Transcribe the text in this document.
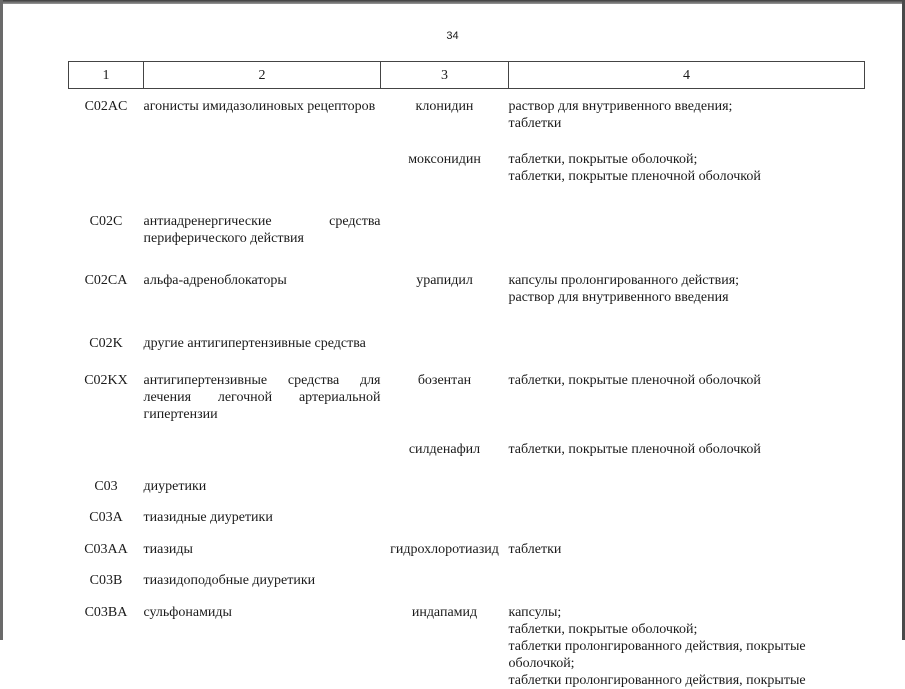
34
1	2	3	4
C02AC	агонисты имидазолиновых рецепторов	клонидин	раствор для внутривенного введения;
таблетки

		моксонидин	таблетки, покрытые оболочкой;
таблетки, покрытые пленочной оболочкой

C02C	антиадренергические средства периферического действия		
C02CA	альфа-адреноблокаторы	урапидил	капсулы пролонгированного действия;
раствор для внутривенного введения

C02K	другие антигипертензивные средства		
C02KX	антигипертензивные средства для лечения легочной артериальной гипертензии	бозентан	таблетки, покрытые пленочной оболочкой

		силденафил	таблетки, покрытые пленочной оболочкой

C03	диуретики		
C03A	тиазидные диуретики		
C03AA	тиазиды	гидрохлоротиазид	таблетки

C03B	тиазидоподобные диуретики		
C03BA	сульфонамиды	индапамид	капсулы;
таблетки, покрытые оболочкой;
таблетки пролонгированного действия, покрытые оболочкой;
таблетки пролонгированного действия, покрытые
